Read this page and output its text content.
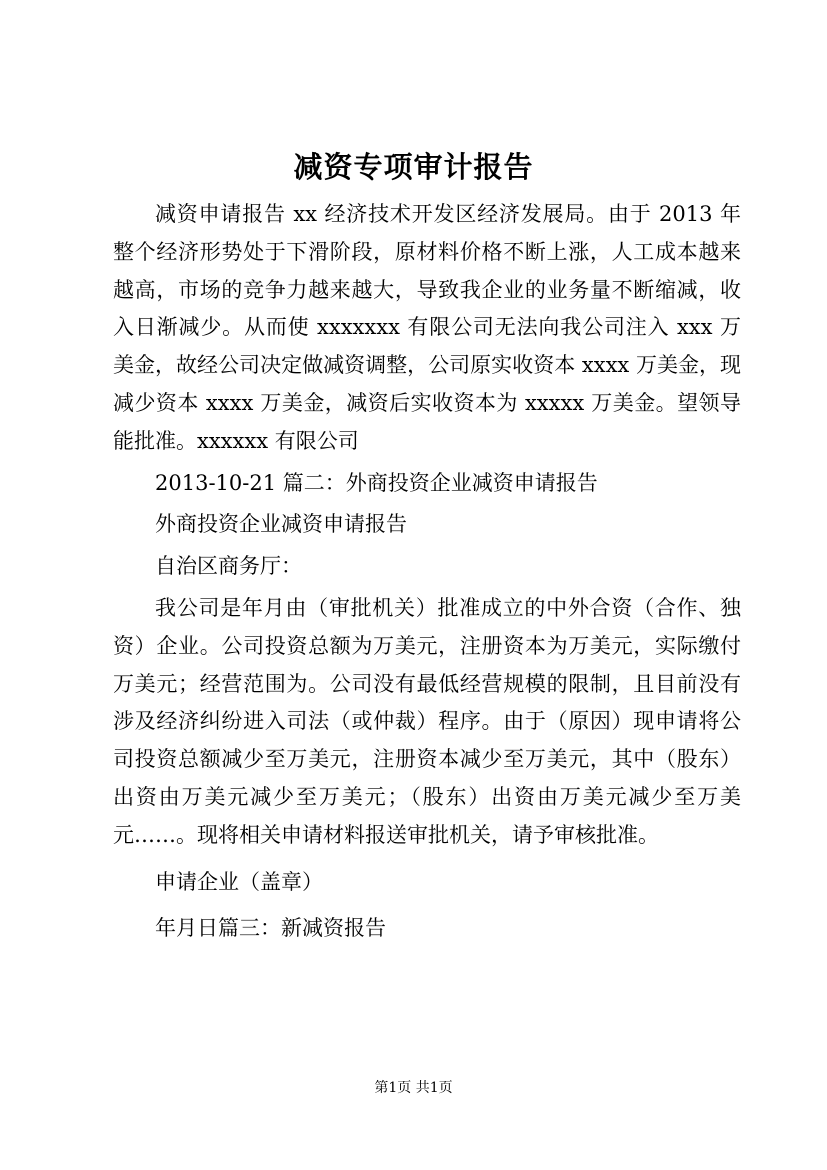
减资专项审计报告

减资申请报告 xx 经济技术开发区经济发展局。由于 2013 年整个经济形势处于下滑阶段，原材料价格不断上涨，人工成本越来越高，市场的竞争力越来越大，导致我企业的业务量不断缩减，收入日渐减少。从而使 xxxxxxx 有限公司无法向我公司注入 xxx 万美金，故经公司决定做减资调整，公司原实收资本 xxxx 万美金，现减少资本 xxxx 万美金，减资后实收资本为 xxxxx 万美金。望领导能批准。xxxxxx 有限公司

2013-10-21 篇二：外商投资企业减资申请报告

外商投资企业减资申请报告

自治区商务厅：

我公司是年月由（审批机关）批准成立的中外合资（合作、独资）企业。公司投资总额为万美元，注册资本为万美元，实际缴付万美元；经营范围为。公司没有最低经营规模的限制，且目前没有涉及经济纠纷进入司法（或仲裁）程序。由于（原因）现申请将公司投资总额减少至万美元，注册资本减少至万美元，其中（股东）出资由万美元减少至万美元；（股东）出资由万美元减少至万美元……。现将相关申请材料报送审批机关，请予审核批准。

申请企业（盖章）

年月日篇三：新减资报告

第1页 共1页
